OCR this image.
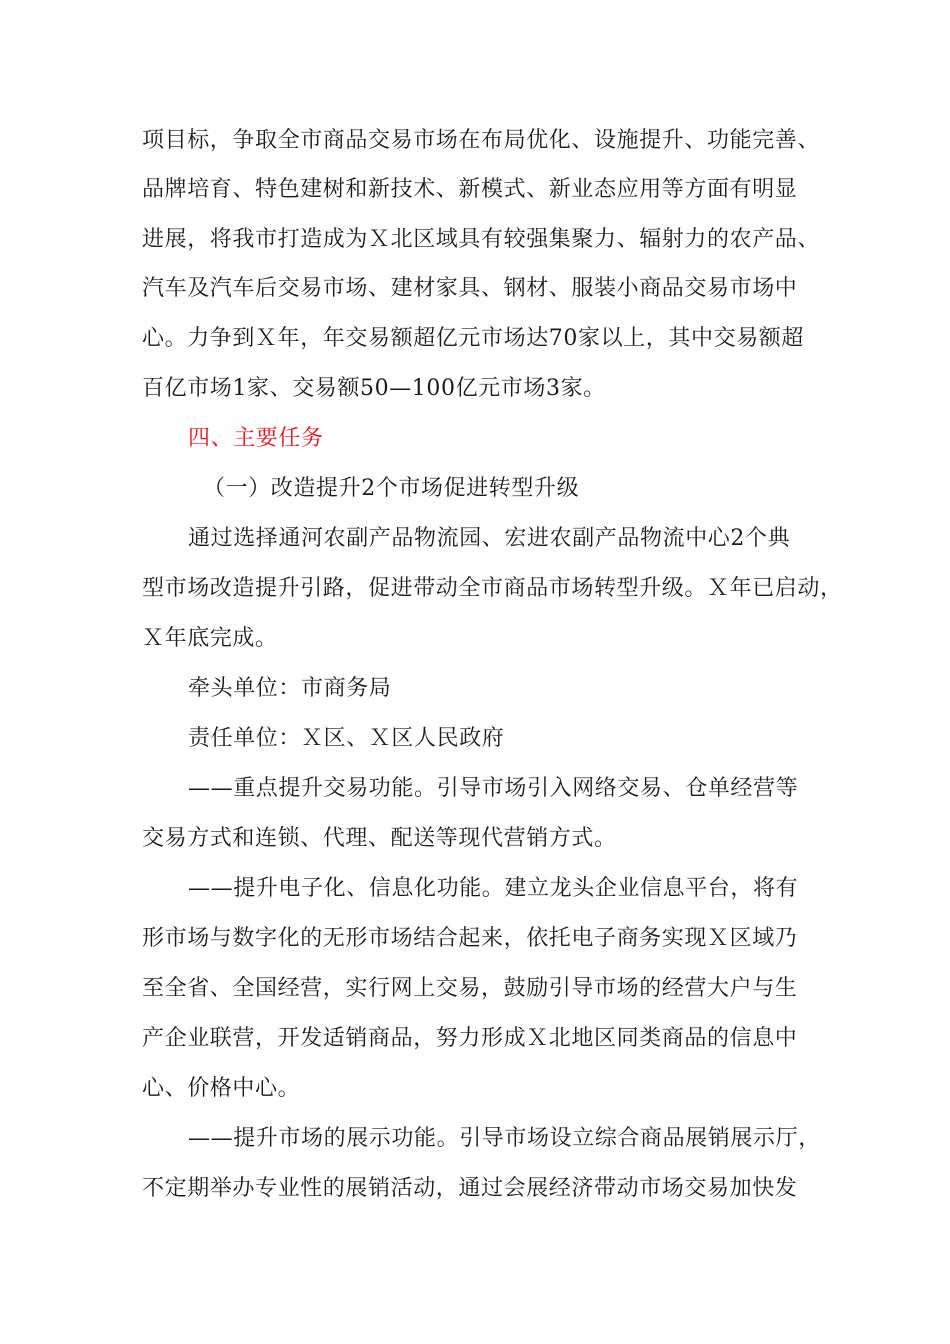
项目标，争取全市商品交易市场在布局优化、设施提升、功能完善、
品牌培育、特色建树和新技术、新模式、新业态应用等方面有明显
进展，将我市打造成为Ｘ北区域具有较强集聚力、辐射力的农产品、
汽车及汽车后交易市场、建材家具、钢材、服装小商品交易市场中
心。力争到Ｘ年，年交易额超亿元市场达70家以上，其中交易额超
百亿市场1家、交易额50—100亿元市场3家。
四、主要任务
（一）改造提升2个市场促进转型升级
通过选择通河农副产品物流园、宏进农副产品物流中心2个典
型市场改造提升引路，促进带动全市商品市场转型升级。Ｘ年已启动，
Ｘ年底完成。
牵头单位：市商务局
责任单位：Ｘ区、Ｘ区人民政府
——重点提升交易功能。引导市场引入网络交易、仓单经营等
交易方式和连锁、代理、配送等现代营销方式。
——提升电子化、信息化功能。建立龙头企业信息平台，将有
形市场与数字化的无形市场结合起来，依托电子商务实现Ｘ区域乃
至全省、全国经营，实行网上交易，鼓励引导市场的经营大户与生
产企业联营，开发适销商品，努力形成Ｘ北地区同类商品的信息中
心、价格中心。
——提升市场的展示功能。引导市场设立综合商品展销展示厅，
不定期举办专业性的展销活动，通过会展经济带动市场交易加快发
